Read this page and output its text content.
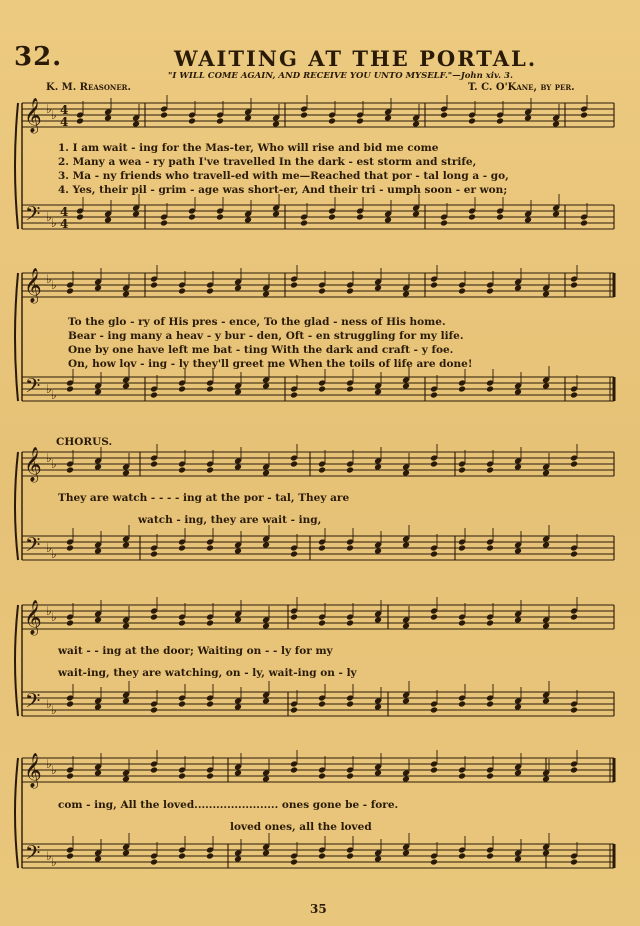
32.	WAITING AT THE PORTAL.
"I WILL COME AGAIN, AND RECEIVE YOU UNTO MYSELF."—John xiv. 3.
K. M. Reasoner.	T. C. O'Kane, by per.
𝄞
𝄢
♭ ♭
♭ ♭
4
4
4
4
𝄞
𝄢
♭ ♭
♭ ♭
𝄞
𝄢
♭ ♭
♭ ♭
𝄞
𝄢
♭ ♭
♭ ♭
𝄞
𝄢
♭ ♭
♭ ♭
1. I am wait - ing for the Mas-ter, Who will rise and bid me come
2. Many a wea - ry path I've travelled In the dark - est storm and strife,
3. Ma - ny friends who travell-ed with me—Reached that por - tal long a - go,
4. Yes, their pil - grim - age was short-er, And their tri - umph soon - er won;
To the glo - ry of His pres - ence, To the glad - ness of His home.
Bear - ing many a heav - y bur - den, Oft - en struggling for my life.
One by one have left me bat - ting With the dark and craft - y foe.
On, how lov - ing - ly they'll greet me When the toils of life are done!
CHORUS.
They are watch - - - - ing at the por - tal, They are
watch - ing, they are wait - ing,
wait - - ing at the door; Waiting on - - ly for my
wait-ing, they are watching, on - ly, wait-ing on - ly
com - ing, All the loved....................... ones gone be - fore.
loved ones, all the loved
35
